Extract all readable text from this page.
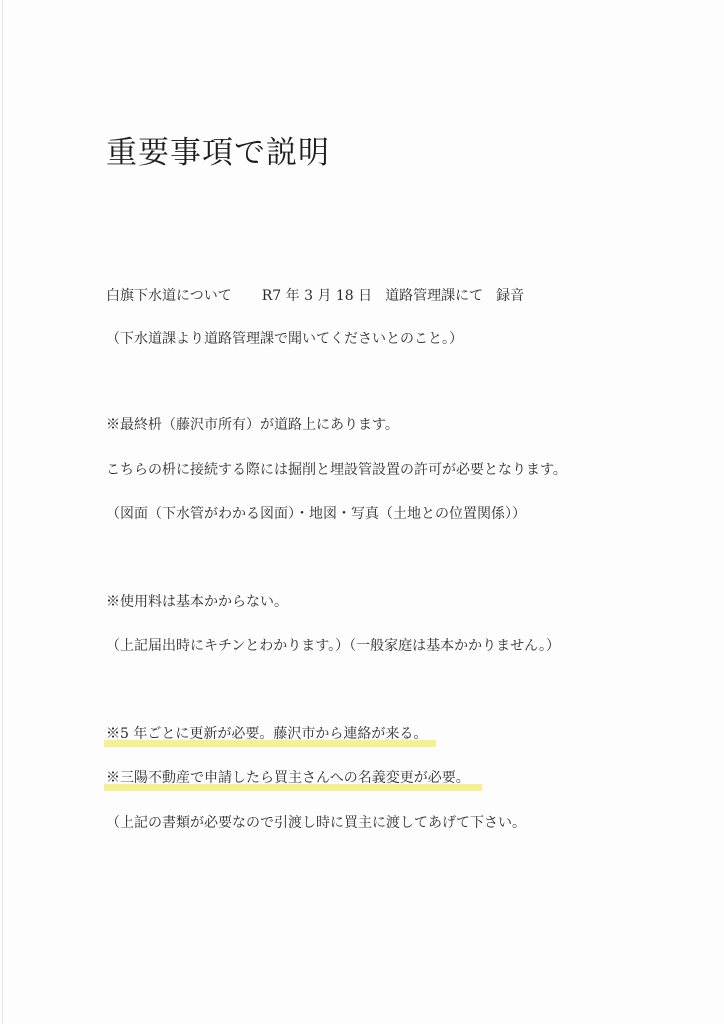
重要事項で説明
白旗下水道について R7 年 3 月 18 日 道路管理課にて 録音
（下水道課より道路管理課で聞いてくださいとのこと。）
※最終枡（藤沢市所有）が道路上にあります。
こちらの枡に接続する際には掘削と埋設管設置の許可が必要となります。
（図面（下水管がわかる図面）・地図・写真（土地との位置関係））
※使用料は基本かからない。
（上記届出時にキチンとわかります。）（一般家庭は基本かかりません。）
※5 年ごとに更新が必要。藤沢市から連絡が来る。
※三陽不動産で申請したら買主さんへの名義変更が必要。
（上記の書類が必要なので引渡し時に買主に渡してあげて下さい。
